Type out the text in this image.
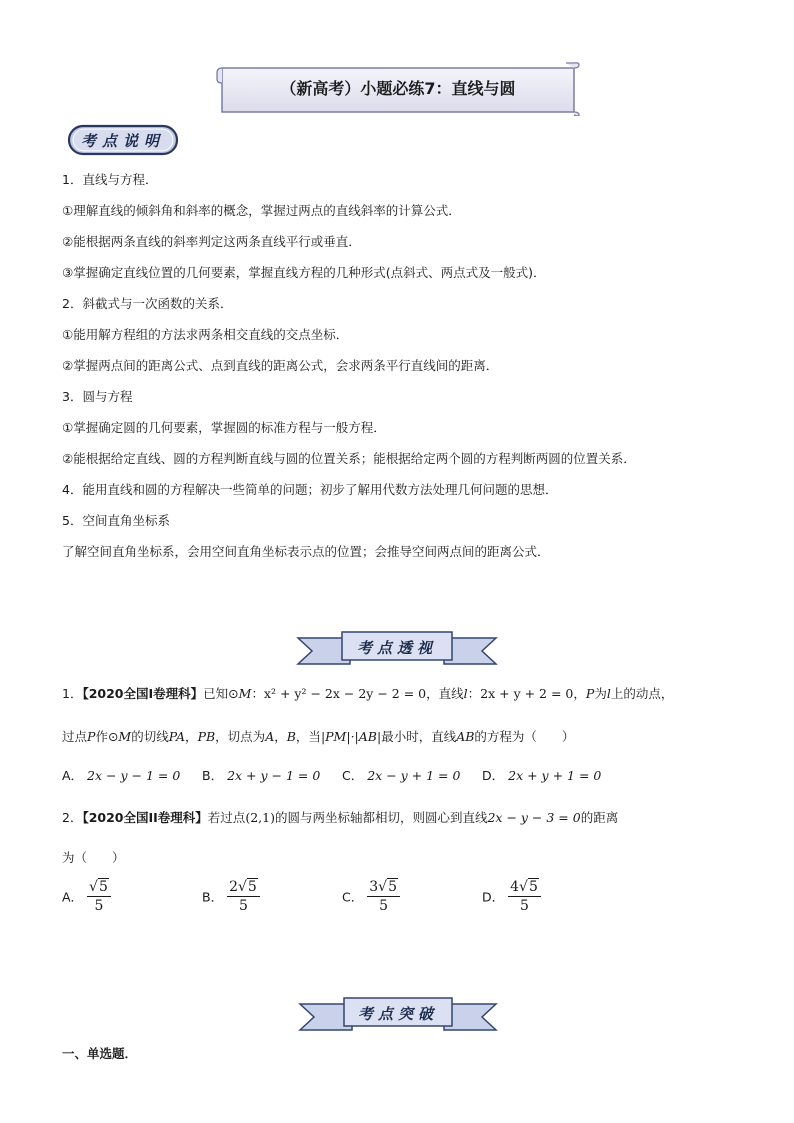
（新高考）小题必练7：直线与圆
考点说明
1．直线与方程．
①理解直线的倾斜角和斜率的概念，掌握过两点的直线斜率的计算公式．
②能根据两条直线的斜率判定这两条直线平行或垂直．
③掌握确定直线位置的几何要素，掌握直线方程的几种形式(点斜式、两点式及一般式)．
2．斜截式与一次函数的关系．
①能用解方程组的方法求两条相交直线的交点坐标．
②掌握两点间的距离公式、点到直线的距离公式，会求两条平行直线间的距离．
3．圆与方程
①掌握确定圆的几何要素，掌握圆的标准方程与一般方程．
②能根据给定直线、圆的方程判断直线与圆的位置关系；能根据给定两个圆的方程判断两圆的位置关系．
4．能用直线和圆的方程解决一些简单的问题；初步了解用代数方法处理几何问题的思想．
5．空间直角坐标系
了解空间直角坐标系，会用空间直角坐标表示点的位置；会推导空间两点间的距离公式．
考点透视
1．【2020全国Ⅰ卷理科】已知⊙M：x² + y² − 2x − 2y − 2 = 0，直线l：2x + y + 2 = 0，P为l上的动点，
过点P作⊙M的切线PA，PB，切点为A，B，当|PM|·|AB|最小时，直线AB的方程为（　　）
A． 2x − y − 1 = 0 B． 2x + y − 1 = 0 C． 2x − y + 1 = 0 D． 2x + y + 1 = 0
2．【2020全国II卷理科】若过点(2,1)的圆与两坐标轴都相切，则圆心到直线2x − y − 3 = 0的距离
为（　　）
A． $\frac{√5}{5}$	B． $\frac{2√5}{5}$	C． $\frac{3√5}{5}$	D． $\frac{4√5}{5}$
考点突破
一、单选题．
